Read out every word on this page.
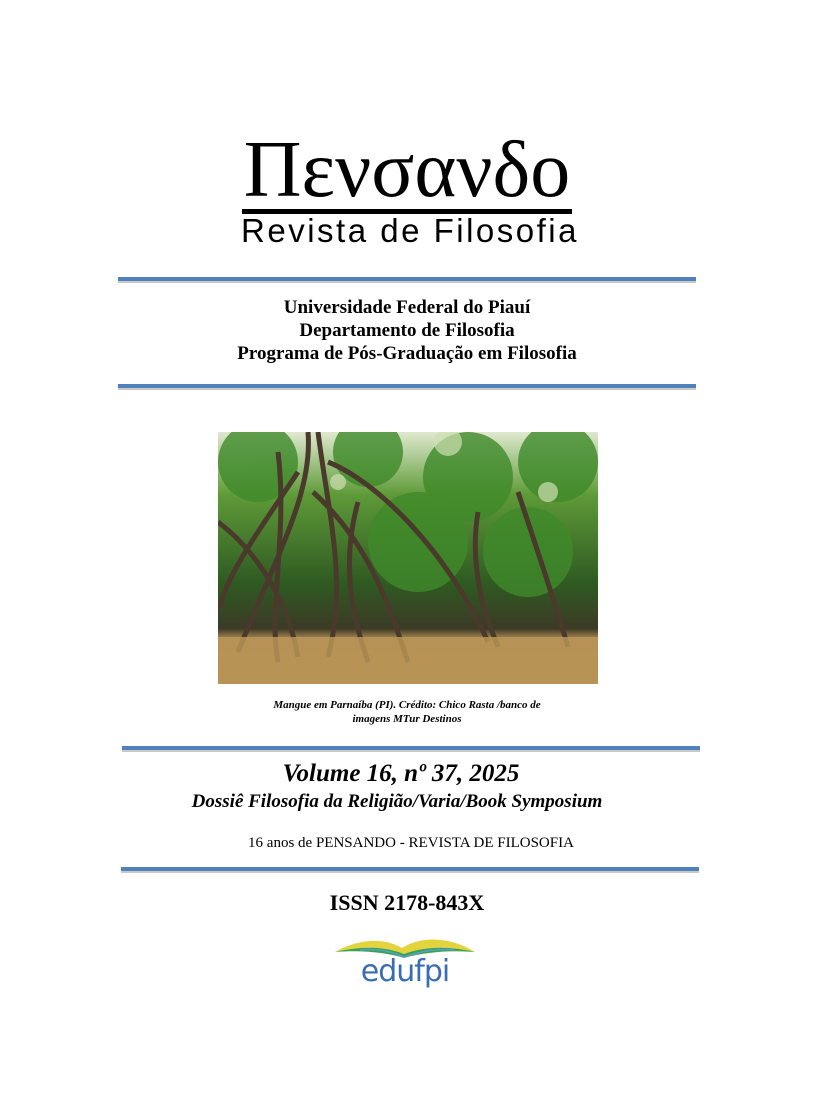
Πενσανδο
Revista de Filosofia
Universidade Federal do Piauí
Departamento de Filosofia
Programa de Pós-Graduação em Filosofia
Mangue em Parnaíba (PI). Crédito: Chico Rasta /banco de
imagens MTur Destinos
Volume 16, nº 37, 2025
Dossiê Filosofia da Religião/Varia/Book Symposium
16 anos de PENSANDO - REVISTA DE FILOSOFIA
ISSN 2178-843X
edufpi
